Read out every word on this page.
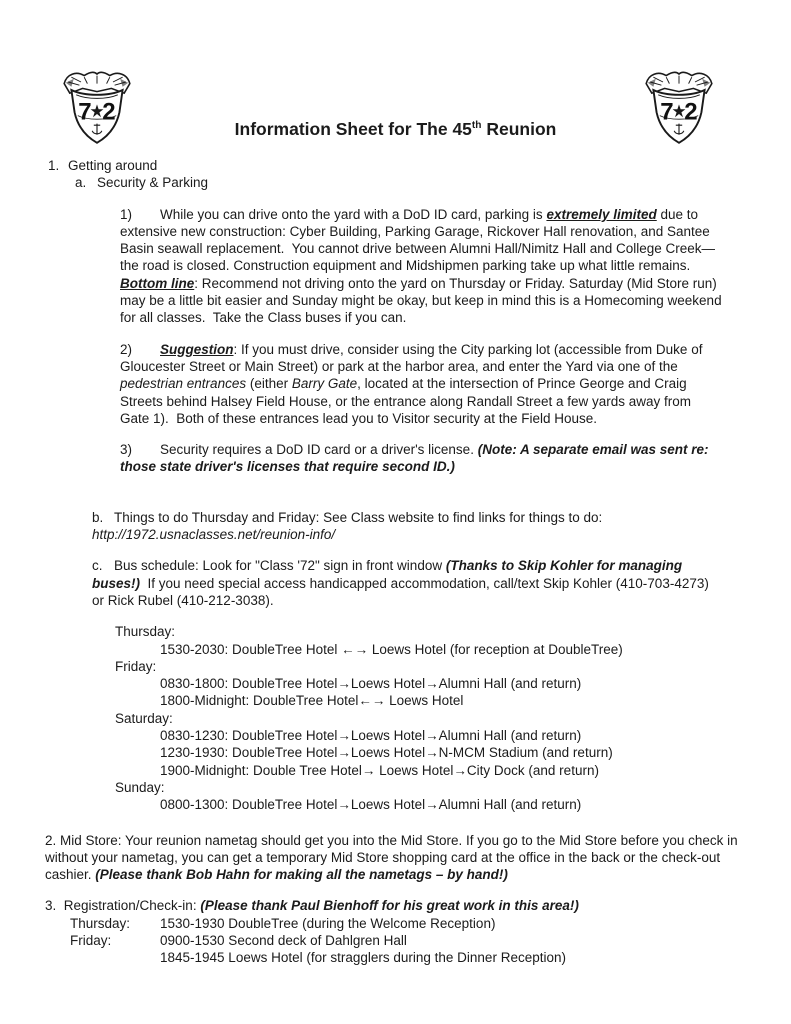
7 2	7 2
Information Sheet for The 45th Reunion
1. Getting around
a. Security & Parking
1) While you can drive onto the yard with a DoD ID card, parking is extremely limited due to extensive new construction: Cyber Building, Parking Garage, Rickover Hall renovation, and Santee Basin seawall replacement.  You cannot drive between Alumni Hall/Nimitz Hall and College Creek—the road is closed. Construction equipment and Midshipmen parking take up what little remains. Bottom line: Recommend not driving onto the yard on Thursday or Friday. Saturday (Mid Store run) may be a little bit easier and Sunday might be okay, but keep in mind this is a Homecoming weekend for all classes.  Take the Class buses if you can.
2) Suggestion: If you must drive, consider using the City parking lot (accessible from Duke of Gloucester Street or Main Street) or park at the harbor area, and enter the Yard via one of the pedestrian entrances (either Barry Gate, located at the intersection of Prince George and Craig Streets behind Halsey Field House, or the entrance along Randall Street a few yards away from Gate 1).  Both of these entrances lead you to Visitor security at the Field House.
3) Security requires a DoD ID card or a driver's license. (Note: A separate email was sent re: those state driver's licenses that require second ID.)
b. Things to do Thursday and Friday: See Class website to find links for things to do: http://1972.usnaclasses.net/reunion-info/
c. Bus schedule: Look for "Class '72" sign in front window (Thanks to Skip Kohler for managing buses!)  If you need special access handicapped accommodation, call/text Skip Kohler (410-703-4273) or Rick Rubel (410-212-3038).
Thursday:
1530-2030: DoubleTree Hotel ←→ Loews Hotel (for reception at DoubleTree)
Friday:
0830-1800: DoubleTree Hotel→Loews Hotel→Alumni Hall (and return)
1800-Midnight: DoubleTree Hotel←→ Loews Hotel
Saturday:
0830-1230: DoubleTree Hotel→Loews Hotel→Alumni Hall (and return)
1230-1930: DoubleTree Hotel→Loews Hotel→N-MCM Stadium (and return)
1900-Midnight: Double Tree Hotel→ Loews Hotel→City Dock (and return)
Sunday:
0800-1300: DoubleTree Hotel→Loews Hotel→Alumni Hall (and return)
2. Mid Store: Your reunion nametag should get you into the Mid Store. If you go to the Mid Store before you check in without your nametag, you can get a temporary Mid Store shopping card at the office in the back or the check-out cashier. (Please thank Bob Hahn for making all the nametags – by hand!)
3.  Registration/Check-in: (Please thank Paul Bienhoff for his great work in this area!)
Thursday: 1530-1930 DoubleTree (during the Welcome Reception)
Friday:	0900-1530 Second deck of Dahlgren Hall
1845-1945 Loews Hotel (for stragglers during the Dinner Reception)
